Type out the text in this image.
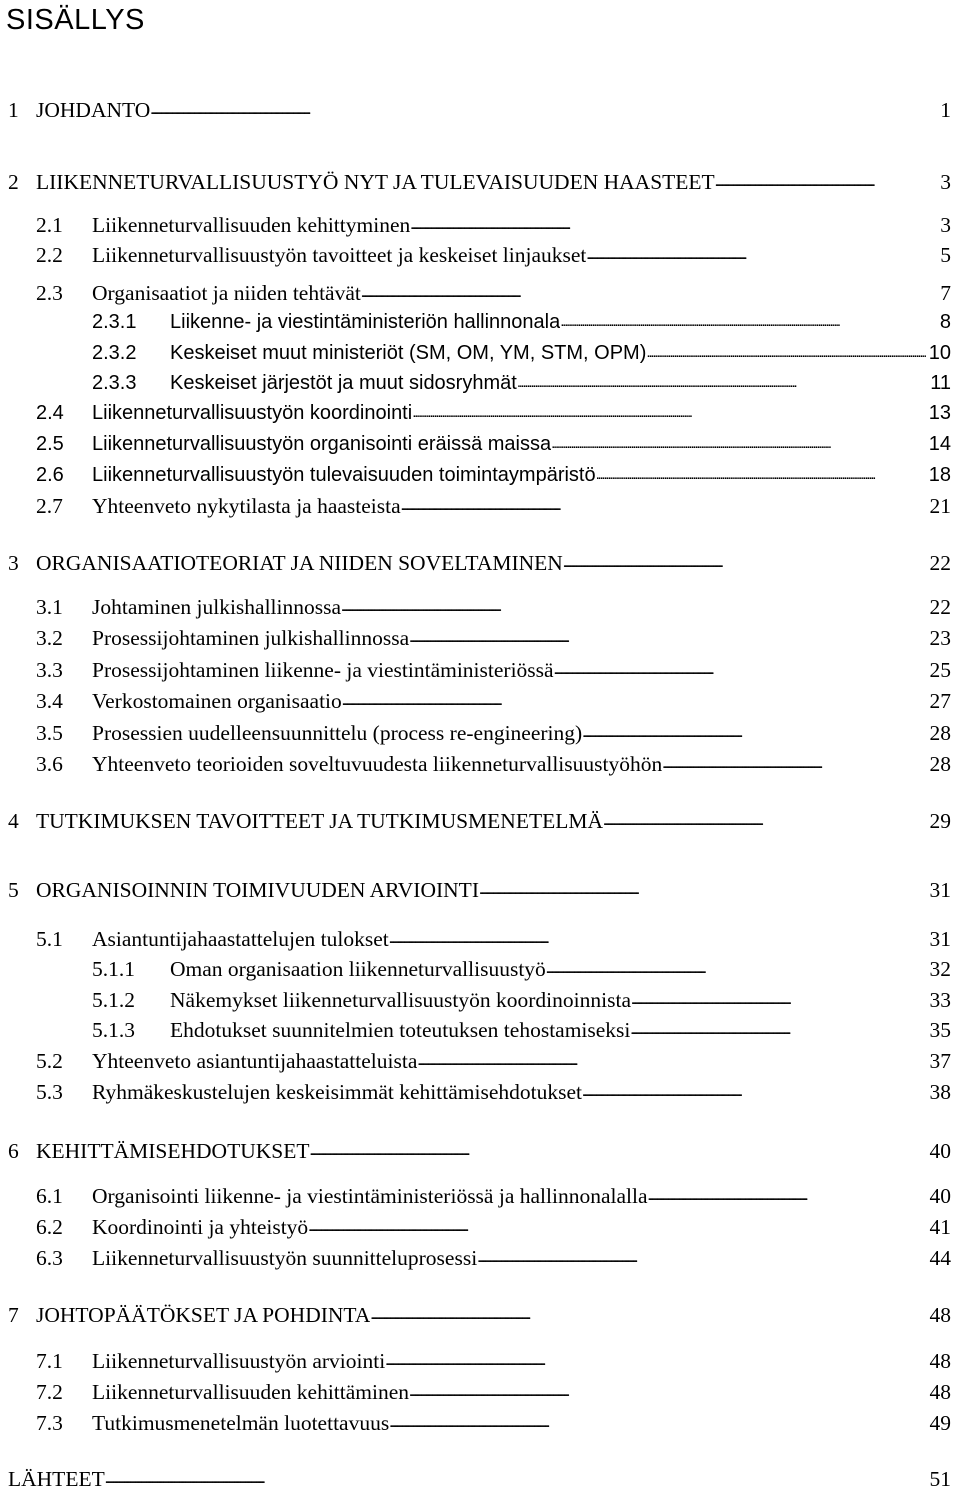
SISÄLLYS
1 JOHDANTO . . .	1
2 LIIKENNETURVALLISUUSTYÖ NYT JA TULEVAISUUDEN HAASTEET . . .	3
2.1	Liikenneturvallisuuden kehittyminen . . .	3
2.2	Liikenneturvallisuustyön tavoitteet ja keskeiset linjaukset . . .	5
2.3	Organisaatiot ja niiden tehtävät . . .	7
2.3.1	Liikenne- ja viestintäministeriön hallinnonala . . .	8
2.3.2	Keskeiset muut ministeriöt (SM, OM, YM, STM, OPM) . . .	10
2.3.3	Keskeiset järjestöt ja muut sidosryhmät . . .	11
2.4	Liikenneturvallisuustyön koordinointi . . .	13
2.5	Liikenneturvallisuustyön organisointi eräissä maissa . . .	14
2.6	Liikenneturvallisuustyön tulevaisuuden toimintaympäristö . . .	18
2.7	Yhteenveto nykytilasta ja haasteista . . .	21
3 ORGANISAATIOTEORIAT JA NIIDEN SOVELTAMINEN . . .	22
3.1	Johtaminen julkishallinnossa . . .	22
3.2	Prosessijohtaminen julkishallinnossa . . .	23
3.3	Prosessijohtaminen liikenne- ja viestintäministeriössä . . .	25
3.4	Verkostomainen organisaatio . . .	27
3.5	Prosessien uudelleensuunnittelu (process re-engineering) . . .	28
3.6	Yhteenveto teorioiden soveltuvuudesta liikenneturvallisuustyöhön . . .	28
4 TUTKIMUKSEN TAVOITTEET JA TUTKIMUSMENETELMÄ . . .	29
5 ORGANISOINNIN TOIMIVUUDEN ARVIOINTI . . .	31
5.1	Asiantuntijahaastattelujen tulokset . . .	31
5.1.1	Oman organisaation liikenneturvallisuustyö . . .	32
5.1.2	Näkemykset liikenneturvallisuustyön koordinoinnista . . .	33
5.1.3	Ehdotukset suunnitelmien toteutuksen tehostamiseksi . . .	35
5.2	Yhteenveto asiantuntijahaastatteluista . . .	37
5.3	Ryhmäkeskustelujen keskeisimmät kehittämisehdotukset . . .	38
6 KEHITTÄMISEHDOTUKSET . . .	40
6.1	Organisointi liikenne- ja viestintäministeriössä ja hallinnonalalla . . .	40
6.2	Koordinointi ja yhteistyö . . .	41
6.3	Liikenneturvallisuustyön suunnitteluprosessi . . .	44
7 JOHTOPÄÄTÖKSET JA POHDINTA . . .	48
7.1	Liikenneturvallisuustyön arviointi . . .	48
7.2	Liikenneturvallisuuden kehittäminen . . .	48
7.3	Tutkimusmenetelmän luotettavuus . . .	49
LÄHTEET . . .	51
